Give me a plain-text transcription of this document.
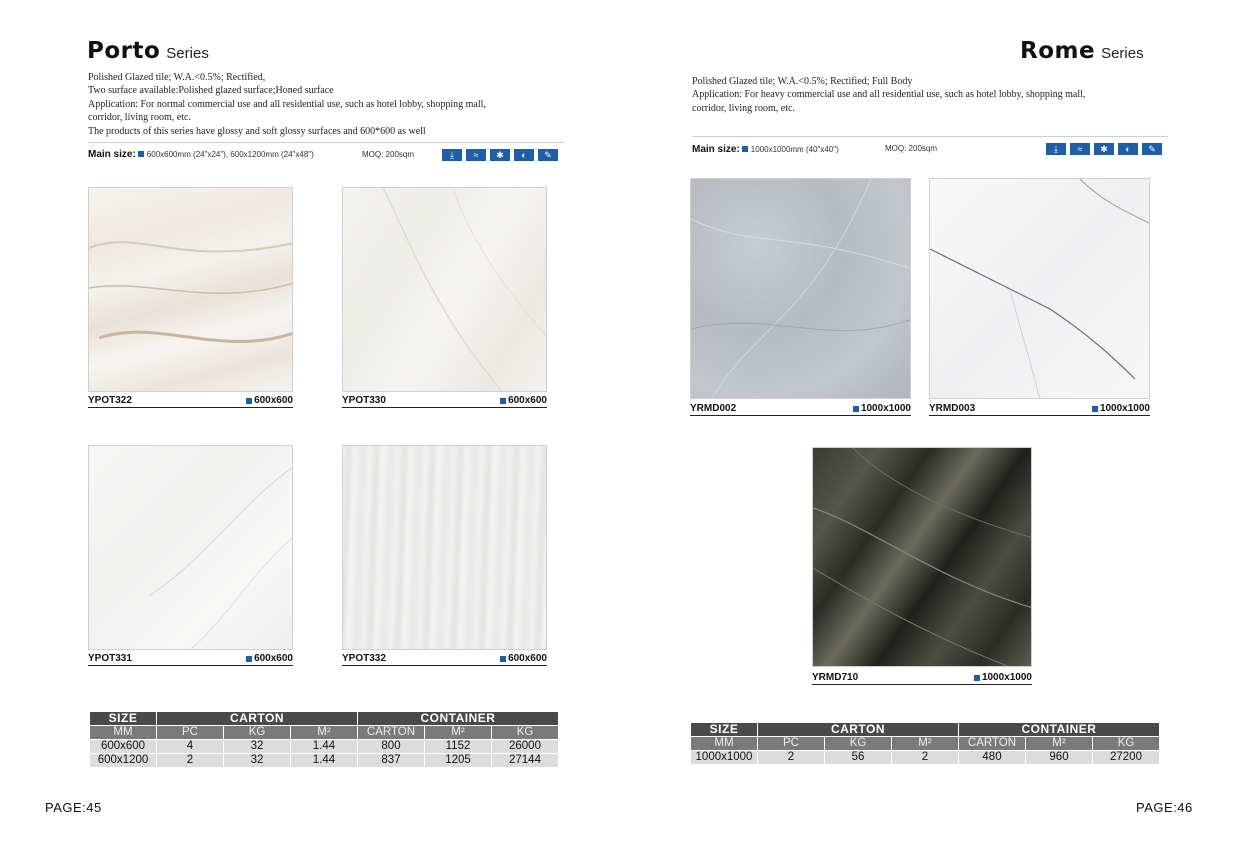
Porto Series
Polished Glazed tile; W.A.<0.5%; Rectified,
Two surface available:Polished glazed surface;Honed surface
Application: For normal commercial use and all residential use, such as hotel lobby, shopping mall,
corridor, living room, etc.
The products of this series have glossy and soft glossy surfaces and 600*600 as well
Main size: 600x600mm (24"x24"), 600x1200mm (24"x48")	MOQ: 200sqm	⤓	≈	✱	◐	✎
YPOT322	600x600	YPOT330	600x600
YPOT331	600x600	YPOT332	600x600
SIZE	CARTON			CONTAINER		
MM	PC	KG	M²	CARTON	M²	KG
600x600	4	32	1.44	800	1152	26000
600x1200	2	32	1.44	837	1205	27144
PAGE:45
Rome Series
Polished Glazed tile; W.A.<0.5%; Rectified; Full Body
Application: For heavy commercial use and all residential use, such as hotel lobby, shopping mall,
corridor, living room, etc.
Main size: 1000x1000mm (40"x40")	MOQ: 200sqm	⤓	≈	✱	◐	✎
YRMD002	1000x1000 YRMD003	1000x1000
YRMD710	1000x1000
SIZE	CARTON			CONTAINER		
MM	PC	KG	M²	CARTON	M²	KG
1000x1000	2	56	2	480	960	27200
PAGE:46
